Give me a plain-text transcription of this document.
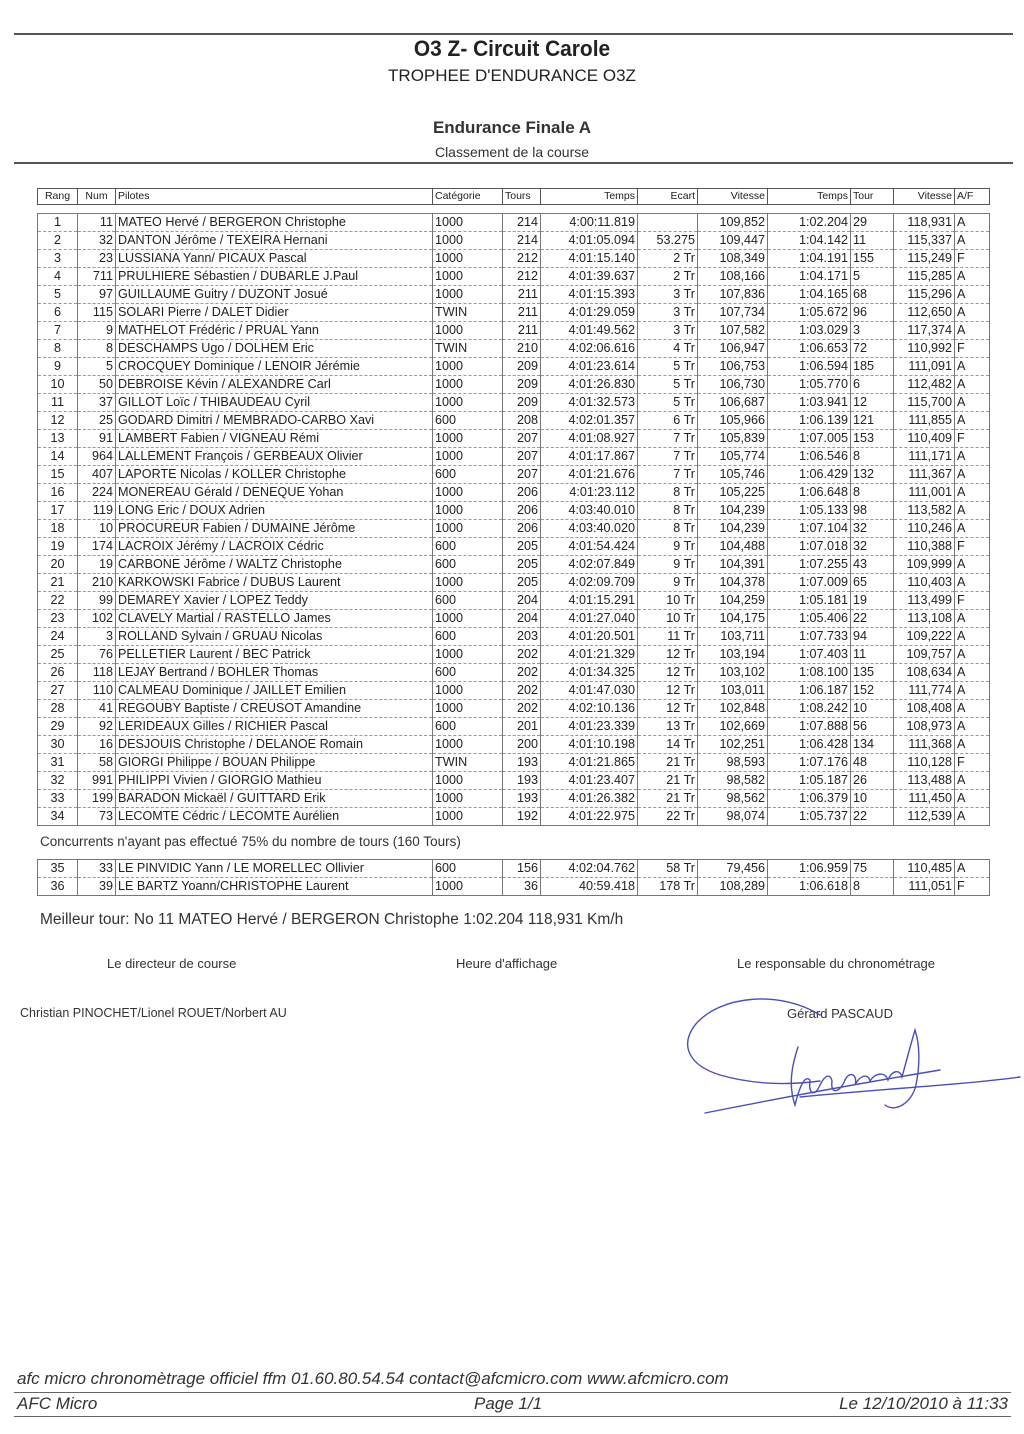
O3 Z- Circuit Carole
TROPHEE D'ENDURANCE O3Z
Endurance Finale A
Classement de la course
Rang	Num	Pilotes	Catégorie	Tours	Temps	Ecart	Vitesse	Temps	Tour	Vitesse	A/F
1	11	MATEO Hervé / BERGERON Christophe	1000	214	4:00:11.819		109,852	1:02.204	29	118,931	A
2	32	DANTON Jérôme / TEXEIRA Hernani	1000	214	4:01:05.094	53.275	109,447	1:04.142	11	115,337	A
3	23	LUSSIANA Yann/ PICAUX Pascal	1000	212	4:01:15.140	2 Tr	108,349	1:04.191	155	115,249	F
4	711	PRULHIERE Sébastien / DUBARLE J.Paul	1000	212	4:01:39.637	2 Tr	108,166	1:04.171	5	115,285	A
5	97	GUILLAUME Guitry / DUZONT Josué	1000	211	4:01:15.393	3 Tr	107,836	1:04.165	68	115,296	A
6	115	SOLARI Pierre / DALET Didier	TWIN	211	4:01:29.059	3 Tr	107,734	1:05.672	96	112,650	A
7	9	MATHELOT Frédéric / PRUAL Yann	1000	211	4:01:49.562	3 Tr	107,582	1:03.029	3	117,374	A
8	8	DESCHAMPS Ugo / DOLHEM Eric	TWIN	210	4:02:06.616	4 Tr	106,947	1:06.653	72	110,992	F
9	5	CROCQUEY Dominique / LENOIR Jérémie	1000	209	4:01:23.614	5 Tr	106,753	1:06.594	185	111,091	A
10	50	DEBROISE Kévin / ALEXANDRE Carl	1000	209	4:01:26.830	5 Tr	106,730	1:05.770	6	112,482	A
11	37	GILLOT Loïc / THIBAUDEAU Cyril	1000	209	4:01:32.573	5 Tr	106,687	1:03.941	12	115,700	A
12	25	GODARD Dimitri / MEMBRADO-CARBO Xavi	600	208	4:02:01.357	6 Tr	105,966	1:06.139	121	111,855	A
13	91	LAMBERT Fabien / VIGNEAU Rémi	1000	207	4:01:08.927	7 Tr	105,839	1:07.005	153	110,409	F
14	964	LALLEMENT François / GERBEAUX Olivier	1000	207	4:01:17.867	7 Tr	105,774	1:06.546	8	111,171	A
15	407	LAPORTE Nicolas / KOLLER Christophe	600	207	4:01:21.676	7 Tr	105,746	1:06.429	132	111,367	A
16	224	MONEREAU Gérald / DENEQUE Yohan	1000	206	4:01:23.112	8 Tr	105,225	1:06.648	8	111,001	A
17	119	LONG Eric / DOUX Adrien	1000	206	4:03:40.010	8 Tr	104,239	1:05.133	98	113,582	A
18	10	PROCUREUR Fabien / DUMAINE Jérôme	1000	206	4:03:40.020	8 Tr	104,239	1:07.104	32	110,246	A
19	174	LACROIX Jérémy / LACROIX Cédric	600	205	4:01:54.424	9 Tr	104,488	1:07.018	32	110,388	F
20	19	CARBONE Jérôme / WALTZ Christophe	600	205	4:02:07.849	9 Tr	104,391	1:07.255	43	109,999	A
21	210	KARKOWSKI Fabrice / DUBUS Laurent	1000	205	4:02:09.709	9 Tr	104,378	1:07.009	65	110,403	A
22	99	DEMAREY Xavier / LOPEZ Teddy	600	204	4:01:15.291	10 Tr	104,259	1:05.181	19	113,499	F
23	102	CLAVELY Martial / RASTELLO James	1000	204	4:01:27.040	10 Tr	104,175	1:05.406	22	113,108	A
24	3	ROLLAND Sylvain / GRUAU Nicolas	600	203	4:01:20.501	11 Tr	103,711	1:07.733	94	109,222	A
25	76	PELLETIER Laurent / BEC Patrick	1000	202	4:01:21.329	12 Tr	103,194	1:07.403	11	109,757	A
26	118	LEJAY Bertrand / BOHLER Thomas	600	202	4:01:34.325	12 Tr	103,102	1:08.100	135	108,634	A
27	110	CALMEAU Dominique / JAILLET Emilien	1000	202	4:01:47.030	12 Tr	103,011	1:06.187	152	111,774	A
28	41	REGOUBY Baptiste / CREUSOT Amandine	1000	202	4:02:10.136	12 Tr	102,848	1:08.242	10	108,408	A
29	92	LERIDEAUX Gilles / RICHIER Pascal	600	201	4:01:23.339	13 Tr	102,669	1:07.888	56	108,973	A
30	16	DESJOUIS Christophe / DELANOE Romain	1000	200	4:01:10.198	14 Tr	102,251	1:06.428	134	111,368	A
31	58	GIORGI Philippe / BOUAN Philippe	TWIN	193	4:01:21.865	21 Tr	98,593	1:07.176	48	110,128	F
32	991	PHILIPPI Vivien / GIORGIO Mathieu	1000	193	4:01:23.407	21 Tr	98,582	1:05.187	26	113,488	A
33	199	BARADON Mickaël / GUITTARD Erik	1000	193	4:01:26.382	21 Tr	98,562	1:06.379	10	111,450	A
34	73	LECOMTE Cédric / LECOMTE Aurélien	1000	192	4:01:22.975	22 Tr	98,074	1:05.737	22	112,539	A
Concurrents n'ayant pas effectué 75% du nombre de tours (160 Tours)
35	33	LE PINVIDIC Yann / LE MORELLEC Ollivier	600	156	4:02:04.762	58 Tr	79,456	1:06.959	75	110,485	A
36	39	LE BARTZ Yoann/CHRISTOPHE Laurent	1000	36	40:59.418	178 Tr	108,289	1:06.618	8	111,051	F
Meilleur tour: No 11 MATEO Hervé / BERGERON Christophe 1:02.204 118,931 Km/h
Le directeur de course	Heure d'affichage	Le responsable du chronométrage
Christian PINOCHET/Lionel ROUET/Norbert AU	Gérard PASCAUD
afc micro chronomètrage officiel ffm 01.60.80.54.54 contact@afcmicro.com www.afcmicro.com
AFC Micro	Page 1/1	Le 12/10/2010 à 11:33
